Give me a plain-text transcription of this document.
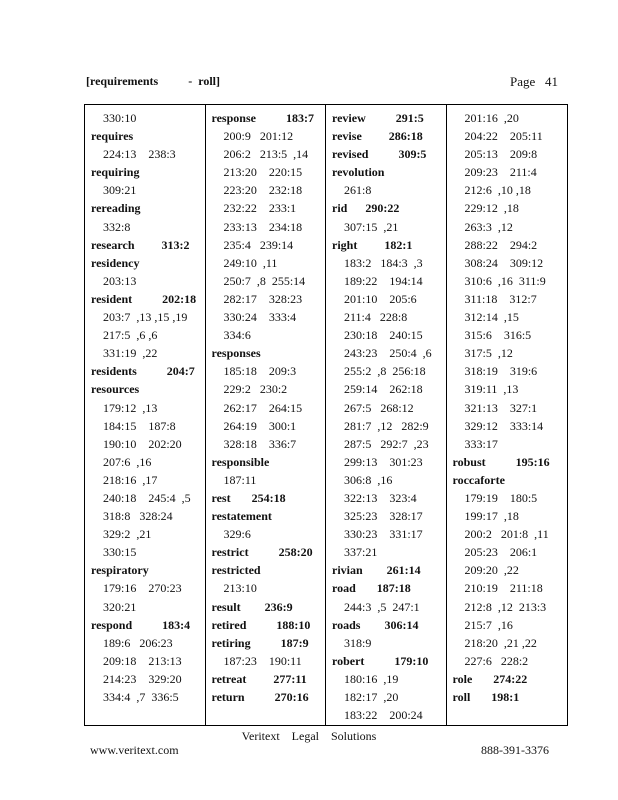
[requirements          -  roll]	Page   41
330:10
requires
224:13    238:3
requiring
309:21
rereading
332:8
research         313:2
residency
203:13
resident          202:18
203:7  ,13 ,15 ,19
217:5  ,6 ,6
331:19  ,22
residents          204:7
resources
179:12  ,13
184:15    187:8
190:10    202:20
207:6  ,16
218:16  ,17
240:18    245:4  ,5
318:8   328:24
329:2  ,21
330:15
respiratory
179:16    270:23
320:21
respond          183:4
189:6   206:23
209:18    213:13
214:23    329:20
334:4  ,7  336:5
response          183:7
200:9   201:12
206:2   213:5  ,14
213:20    220:15
223:20    232:18
232:22    233:1
233:13    234:18
235:4   239:14
249:10  ,11
250:7  ,8  255:14
282:17    328:23
330:24    333:4
334:6
responses
185:18    209:3
229:2   230:2
262:17    264:15
264:19    300:1
328:18    336:7
responsible
187:11
rest       254:18
restatement
329:6
restrict          258:20
restricted
213:10
result        236:9
retired          188:10
retiring          187:9
187:23    190:11
retreat         277:11
return          270:16
review          291:5
revise         286:18
revised          309:5
revolution
261:8
rid      290:22
307:15  ,21
right         182:1
183:2   184:3  ,3
189:22    194:14
201:10    205:6
211:4   228:8
230:18    240:15
243:23    250:4  ,6
255:2  ,8  256:18
259:14    262:18
267:5   268:12
281:7  ,12   282:9
287:5   292:7  ,23
299:13    301:23
306:8  ,16
322:13    323:4
325:23    328:17
330:23    331:17
337:21
rivian        261:14
road       187:18
244:3  ,5  247:1
roads        306:14
318:9
robert          179:10
180:16  ,19
182:17  ,20
183:22    200:24
201:16  ,20
204:22    205:11
205:13    209:8
209:23    211:4
212:6  ,10 ,18
229:12  ,18
263:3  ,12
288:22    294:2
308:24    309:12
310:6  ,16  311:9
311:18    312:7
312:14  ,15
315:6    316:5
317:5  ,12
318:19    319:6
319:11  ,13
321:13    327:1
329:12    333:14
333:17
robust          195:16
roccaforte
179:19    180:5
199:17  ,18
200:2   201:8  ,11
205:23    206:1
209:20  ,22
210:19    211:18
212:8  ,12  213:3
215:7  ,16
218:20  ,21 ,22
227:6   228:2
role       274:22
roll       198:1
Veritext    Legal    Solutions
www.veritext.com	888-391-3376
